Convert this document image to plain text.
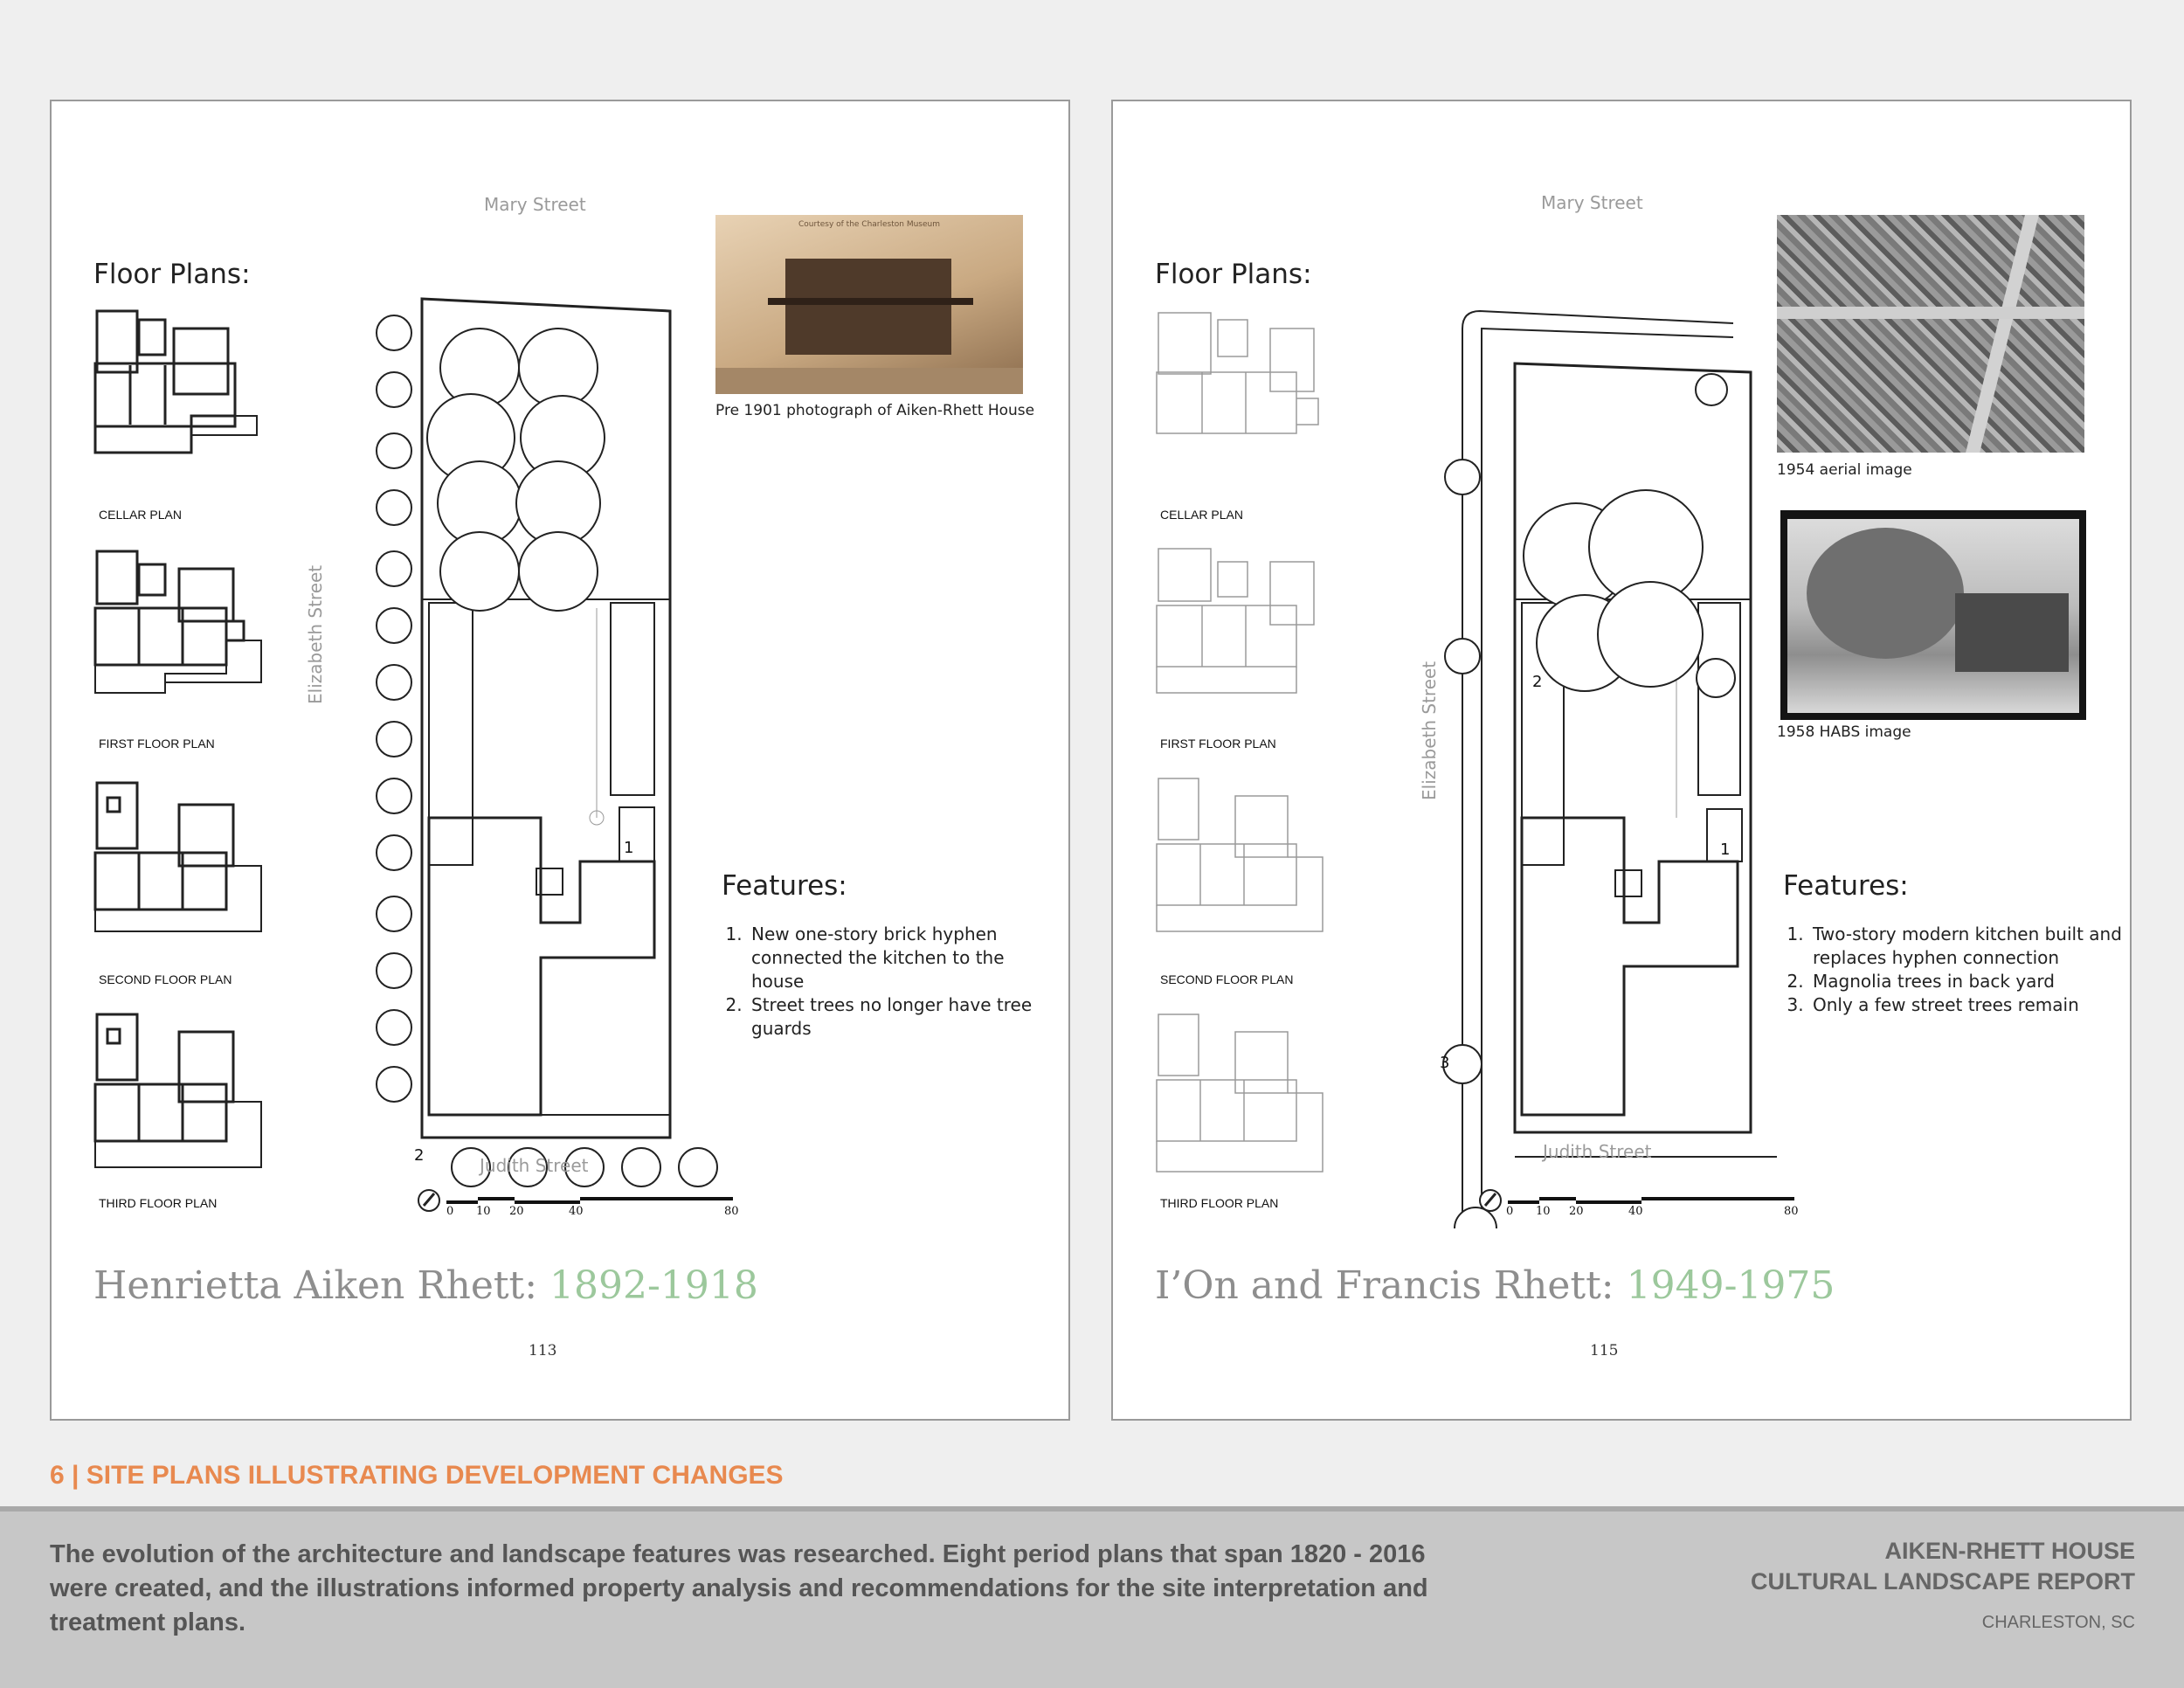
Floor Plans:
CELLAR PLAN
FIRST FLOOR PLAN
SECOND FLOOR PLAN
THIRD FLOOR PLAN
2
1
Mary Street
Elizabeth Street
Judith Street
0 10 20	40	80
Courtesy of the Charleston Museum
Pre 1901 photograph of Aiken-Rhett House
Features:
1. New one-story brick hyphen connected the kitchen to the house
2. Street trees no longer have tree guards
Henrietta Aiken Rhett: 1892-1918
113
Floor Plans:
CELLAR PLAN
FIRST FLOOR PLAN
SECOND FLOOR PLAN
THIRD FLOOR PLAN
2
1
3
Mary Street
Elizabeth Street
Judith Street
0 10 20	40	80
1954 aerial image
1958 HABS image
Features:
1. Two-story modern kitchen built and replaces hyphen connection
2. Magnolia trees in back yard
3. Only a few street trees remain
I’On and Francis Rhett: 1949-1975
115
6 | SITE PLANS ILLUSTRATING DEVELOPMENT CHANGES
The evolution of the architecture and landscape features was researched. Eight period plans that span 1820 - 2016 were created, and the illustrations informed property analysis and recommendations for the site interpretation and treatment plans.
AIKEN-RHETT HOUSE
CULTURAL LANDSCAPE REPORT
CHARLESTON, SC
